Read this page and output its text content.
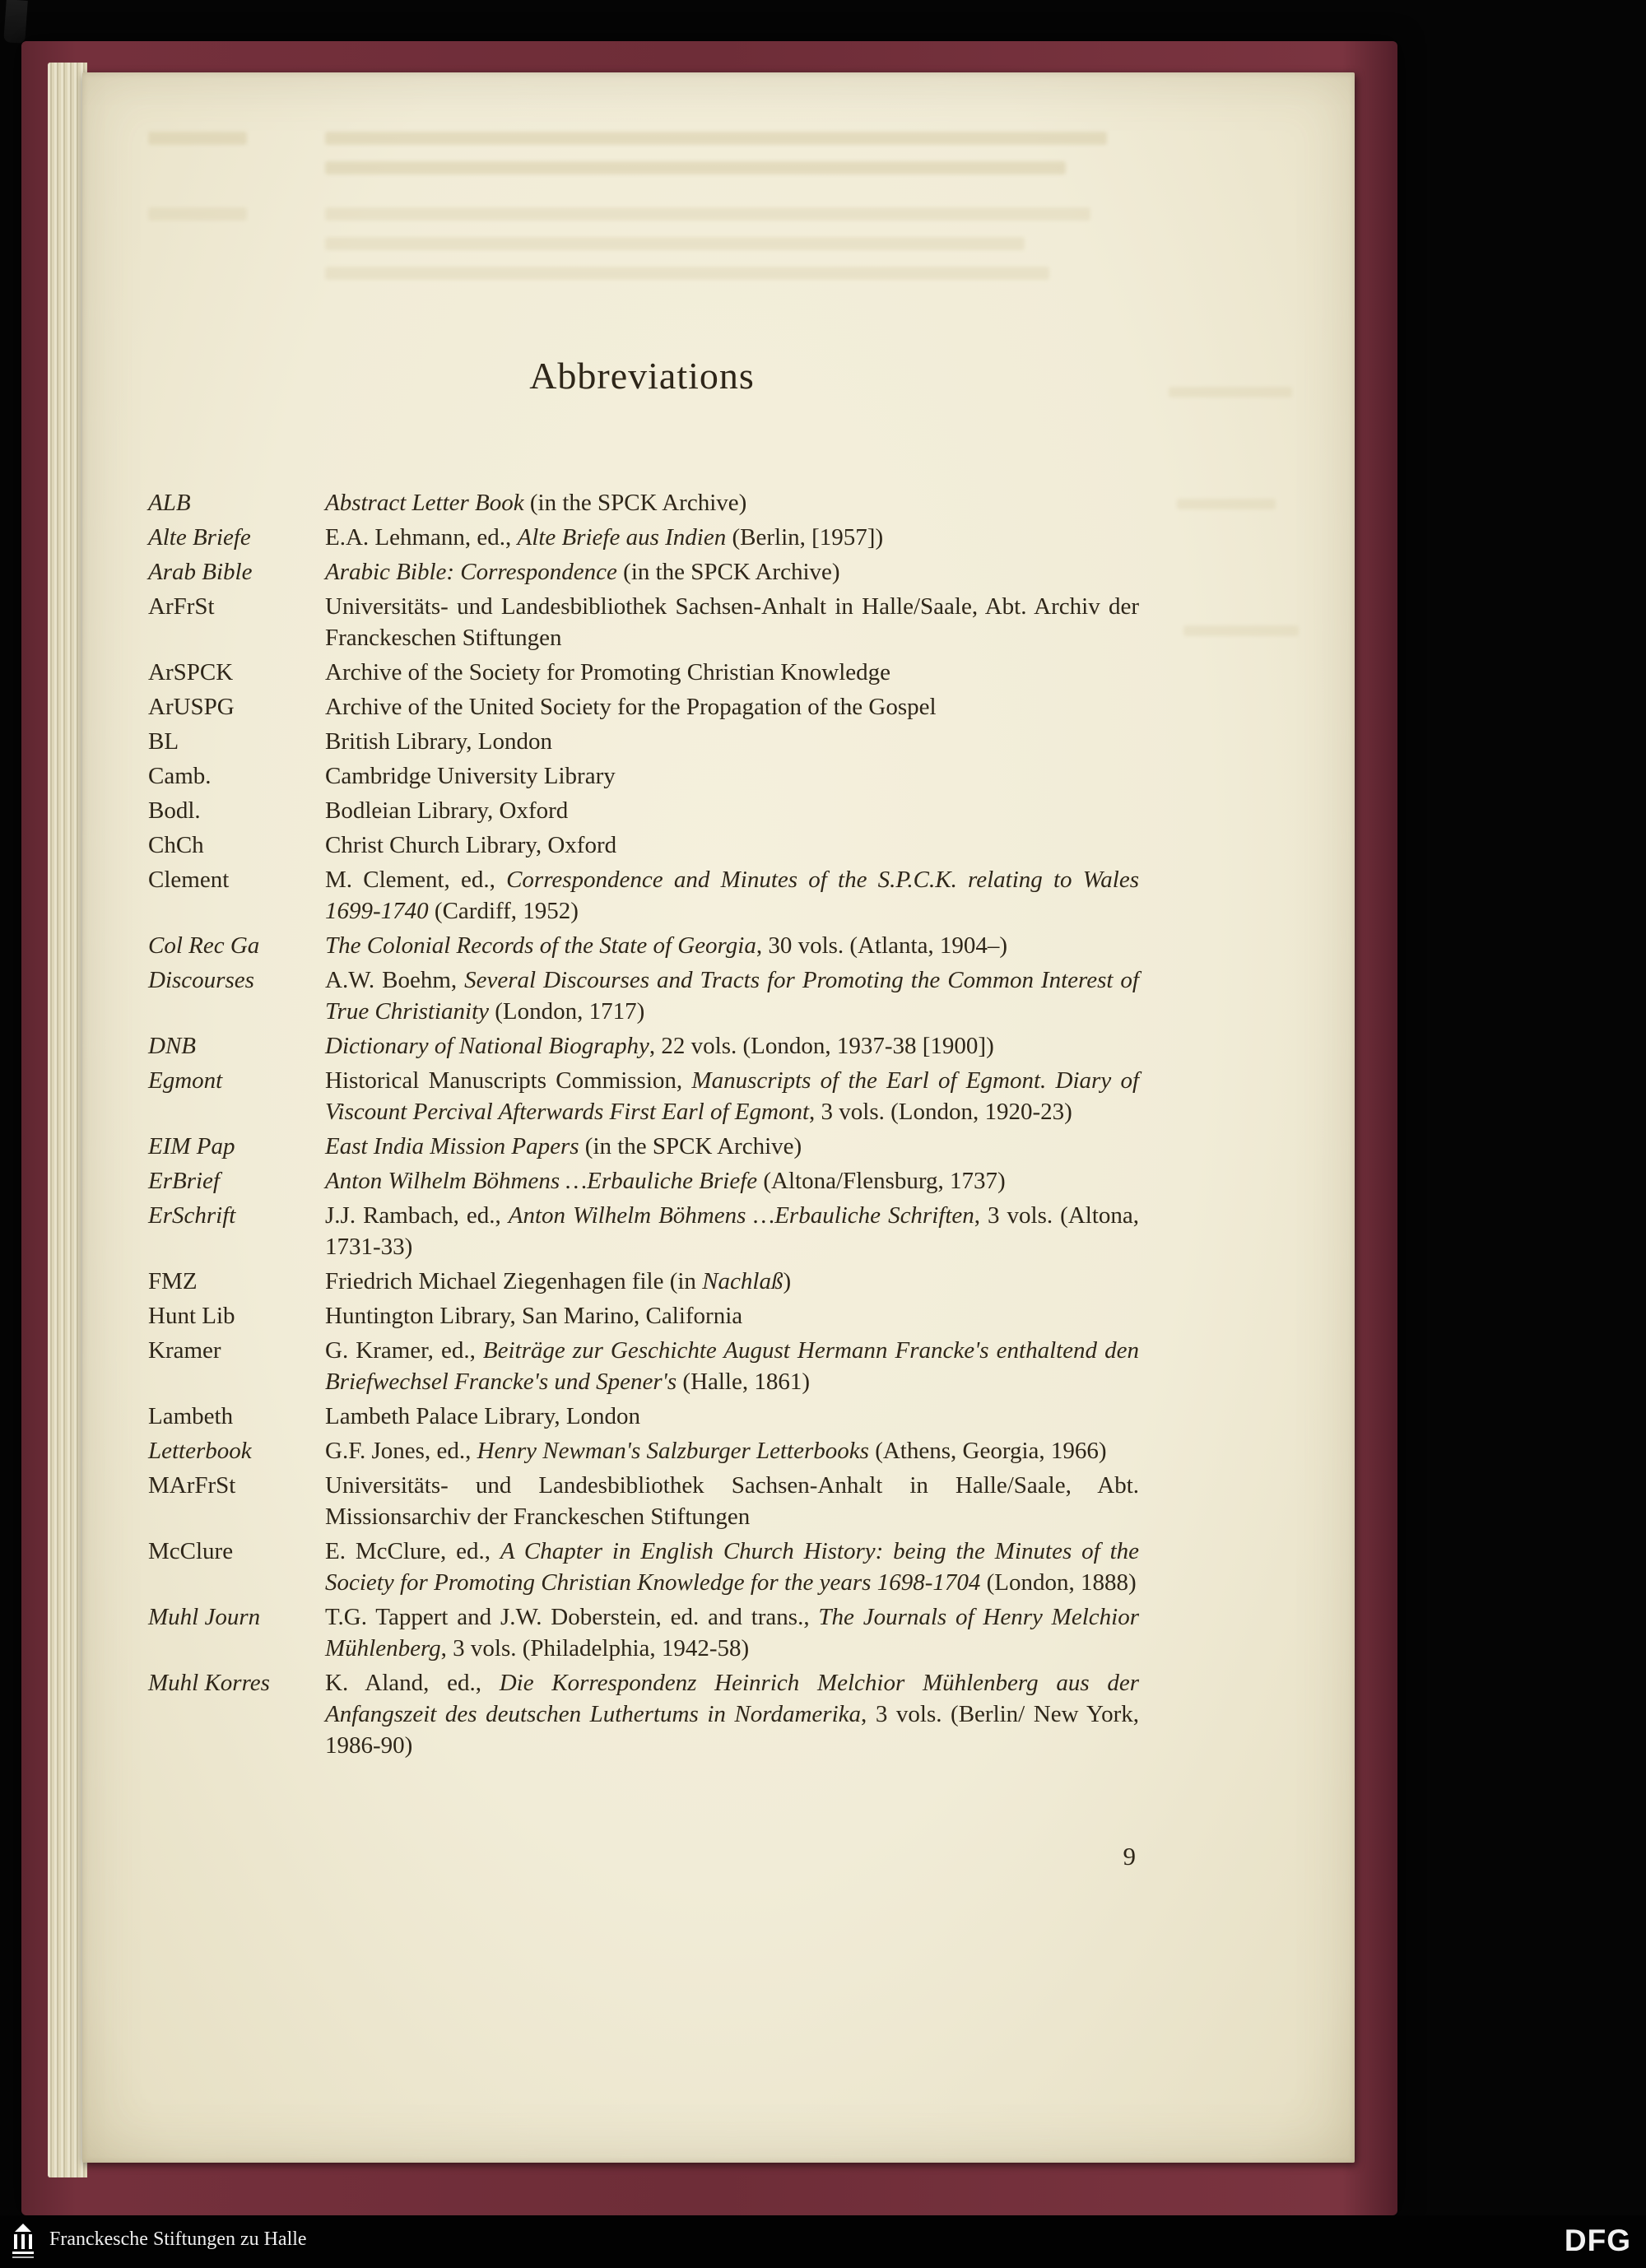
Abbreviations
ALB	Abstract Letter Book (in the SPCK Archive)
Alte Briefe	E.A. Lehmann, ed., Alte Briefe aus Indien (Berlin, [1957])
Arab Bible	Arabic Bible: Correspondence (in the SPCK Archive)
ArFrSt	Universitäts- und Landesbibliothek Sachsen-Anhalt in Halle/Saale, Abt. Archiv der Franckeschen Stiftungen
ArSPCK	Archive of the Society for Promoting Christian Knowledge
ArUSPG	Archive of the United Society for the Propagation of the Gospel
BL	British Library, London
Camb.	Cambridge University Library
Bodl.	Bodleian Library, Oxford
ChCh	Christ Church Library, Oxford
Clement	M. Clement, ed., Correspondence and Minutes of the S.P.C.K. relating to Wales 1699-1740 (Cardiff, 1952)
Col Rec Ga	The Colonial Records of the State of Georgia, 30 vols. (Atlanta, 1904–)
Discourses	A.W. Boehm, Several Discourses and Tracts for Promoting the Common Interest of True Christianity (London, 1717)
DNB	Dictionary of National Biography, 22 vols. (London, 1937-38 [1900])
Egmont	Historical Manuscripts Commission, Manuscripts of the Earl of Egmont. Diary of Viscount Percival Afterwards First Earl of Egmont, 3 vols. (London, 1920-23)
EIM Pap	East India Mission Papers (in the SPCK Archive)
ErBrief	Anton Wilhelm Böhmens …Erbauliche Briefe (Altona/Flensburg, 1737)
ErSchrift	J.J. Rambach, ed., Anton Wilhelm Böhmens …Erbauliche Schriften, 3 vols. (Altona, 1731-33)
FMZ	Friedrich Michael Ziegenhagen file (in Nachlaß)
Hunt Lib	Huntington Library, San Marino, California
Kramer	G. Kramer, ed., Beiträge zur Geschichte August Hermann Francke's enthaltend den Briefwechsel Francke's und Spener's (Halle, 1861)
Lambeth	Lambeth Palace Library, London
Letterbook	G.F. Jones, ed., Henry Newman's Salzburger Letterbooks (Athens, Georgia, 1966)
MArFrSt	Universitäts- und Landesbibliothek Sachsen-Anhalt in Halle/Saale, Abt. Missionsarchiv der Franckeschen Stiftungen
McClure	E. McClure, ed., A Chapter in English Church History: being the Minutes of the Society for Promoting Christian Knowledge for the years 1698-1704 (London, 1888)
Muhl Journ	T.G. Tappert and J.W. Doberstein, ed. and trans., The Journals of Henry Melchior Mühlenberg, 3 vols. (Philadelphia, 1942-58)
Muhl Korres	K. Aland, ed., Die Korrespondenz Heinrich Melchior Mühlenberg aus der Anfangszeit des deutschen Luthertums in Nordamerika, 3 vols. (Berlin/ New York, 1986-90)
9
Franckesche Stiftungen zu Halle	DFG
